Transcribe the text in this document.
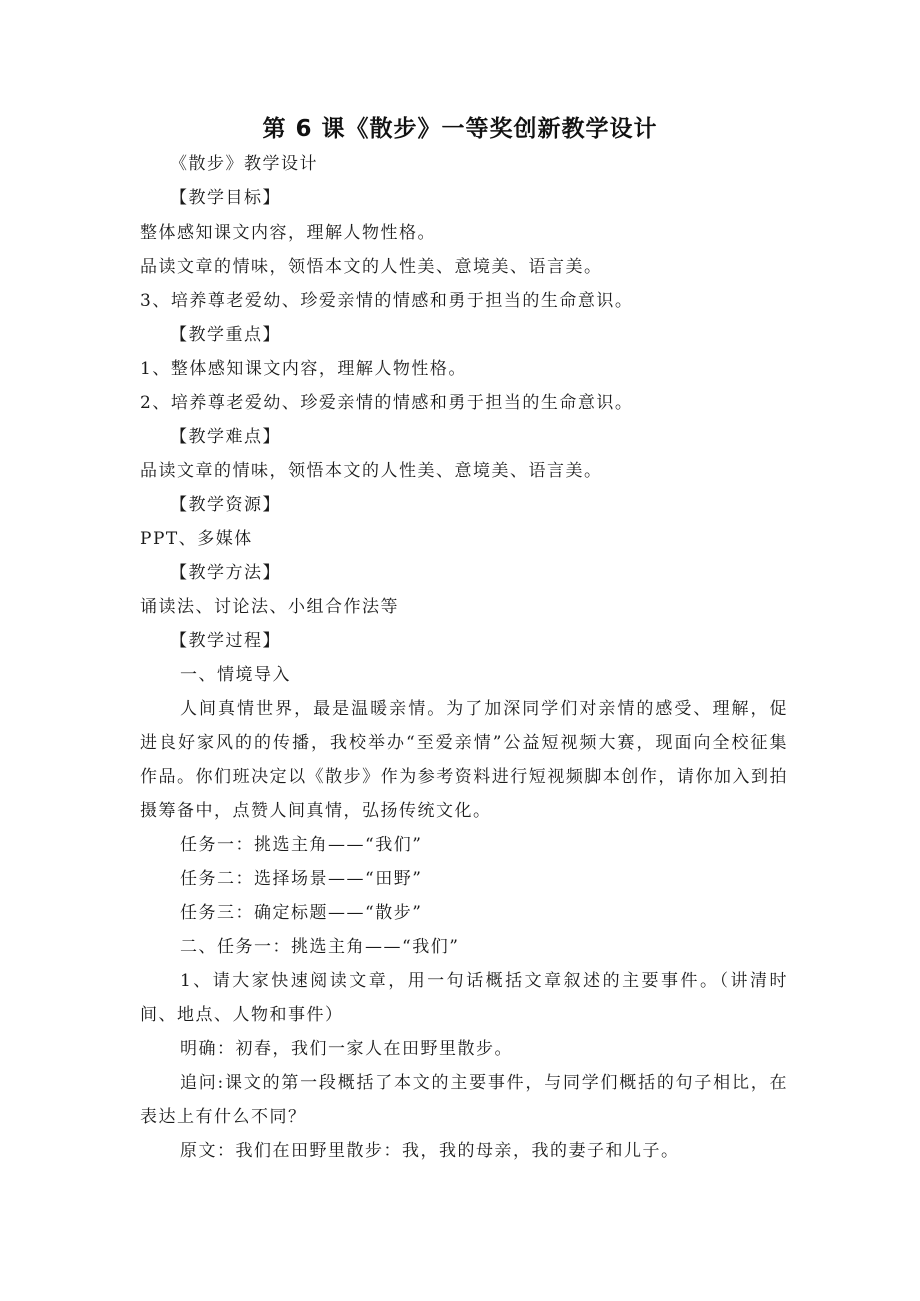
第 6 课《散步》一等奖创新教学设计
《散步》教学设计
【教学目标】
整体感知课文内容，理解人物性格。
品读文章的情味，领悟本文的人性美、意境美、语言美。
3、培养尊老爱幼、珍爱亲情的情感和勇于担当的生命意识。
【教学重点】
1、整体感知课文内容，理解人物性格。
2、培养尊老爱幼、珍爱亲情的情感和勇于担当的生命意识。
【教学难点】
品读文章的情味，领悟本文的人性美、意境美、语言美。
【教学资源】
PPT、多媒体
【教学方法】
诵读法、讨论法、小组合作法等
【教学过程】
一、情境导入
人间真情世界，最是温暖亲情。为了加深同学们对亲情的感受、理解，促进良好家风的的传播，我校举办“至爱亲情”公益短视频大赛，现面向全校征集作品。你们班决定以《散步》作为参考资料进行短视频脚本创作，请你加入到拍摄筹备中，点赞人间真情，弘扬传统文化。
任务一：挑选主角——“我们”
任务二：选择场景——“田野”
任务三：确定标题——“散步”
二、任务一：挑选主角——“我们”
1、请大家快速阅读文章，用一句话概括文章叙述的主要事件。（讲清时间、地点、人物和事件）
明确：初春，我们一家人在田野里散步。
追问:课文的第一段概括了本文的主要事件，与同学们概括的句子相比，在表达上有什么不同？
原文：我们在田野里散步：我，我的母亲，我的妻子和儿子。
